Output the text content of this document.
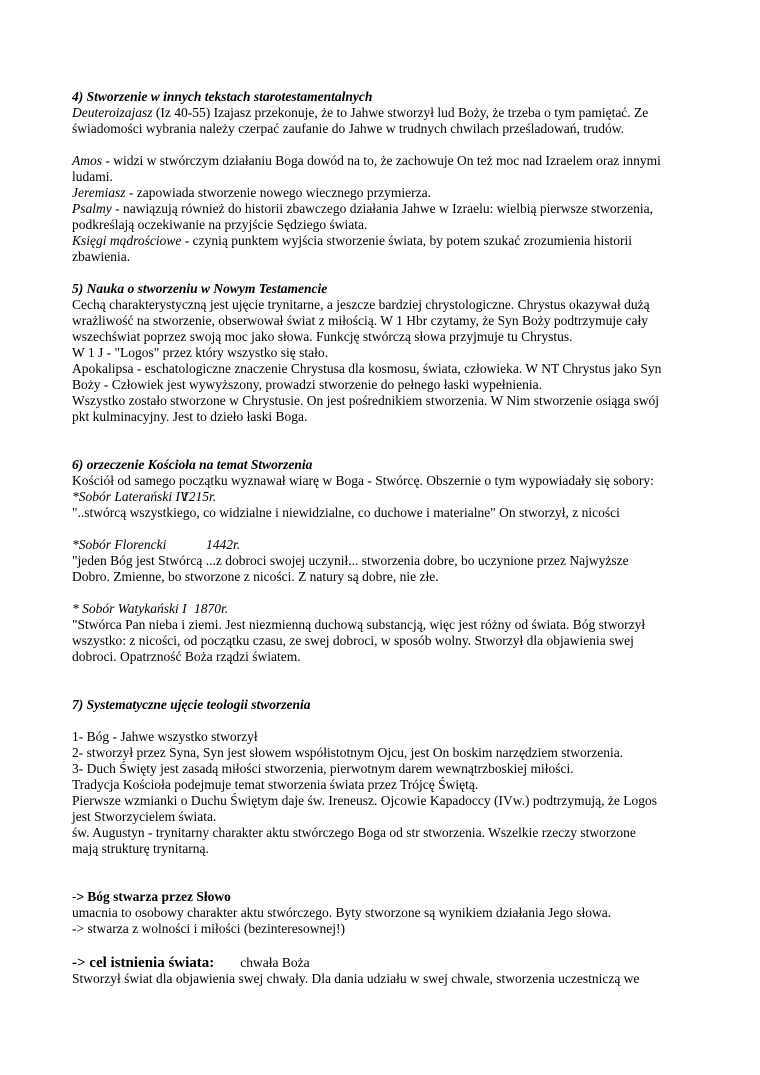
4) Stworzenie w innych tekstach starotestamentalnych
Deuteroizajasz (Iz 40-55) Izajasz przekonuje, że to Jahwe stworzył lud Boży, że trzeba o tym pamiętać. Ze
świadomości wybrania należy czerpać zaufanie do Jahwe w trudnych chwilach prześladowań, trudów.
Amos - widzi w stwórczym działaniu Boga dowód na to, że zachowuje On też moc nad Izraelem oraz innymi
ludami.
Jeremiasz - zapowiada stworzenie nowego wiecznego przymierza.
Psalmy - nawiązują również do historii zbawczego działania Jahwe w Izraelu: wielbią pierwsze stworzenia,
podkreślają oczekiwanie na przyjście Sędziego świata.
Księgi mądrościowe - czynią punktem wyjścia stworzenie świata, by potem szukać zrozumienia historii
zbawienia.
5) Nauka o stworzeniu w Nowym Testamencie
Cechą charakterystyczną jest ujęcie trynitarne, a jeszcze bardziej chrystologiczne. Chrystus okazywał dużą
wrażliwość na stworzenie, obserwował świat z miłością. W 1 Hbr czytamy, że Syn Boży podtrzymuje cały
wszechświat poprzez swoją moc jako słowa. Funkcję stwórczą słowa przyjmuje tu Chrystus.
W 1 J - "Logos" przez który wszystko się stało.
Apokalipsa - eschatologiczne znaczenie Chrystusa dla kosmosu, świata, człowieka. W NT Chrystus jako Syn
Boży - Człowiek jest wywyższony, prowadzi stworzenie do pełnego łaski wypełnienia.
Wszystko zostało stworzone w Chrystusie. On jest pośrednikiem stworzenia. W Nim stworzenie osiąga swój
pkt kulminacyjny. Jest to dzieło łaski Boga.
6) orzeczenie Kościoła na temat Stworzenia
Kościół od samego początku wyznawał wiarę w Boga - Stwórcę. Obszernie o tym wypowiadały się sobory:
*Sobór Laterański IV1215r.
"..stwórcą wszystkiego, co widzialne i niewidzialne, co duchowe i materialne" On stworzył, z nicości
*Sobór Florencki	1442r.
"jeden Bóg jest Stwórcą ...z dobroci swojej uczynił... stworzenia dobre, bo uczynione przez Najwyższe
Dobro. Zmienne, bo stworzone z nicości. Z natury są dobre, nie złe.
* Sobór Watykański I 1870r.
"Stwórca Pan nieba i ziemi. Jest niezmienną duchową substancją, więc jest różny od świata. Bóg stworzył
wszystko: z nicości, od początku czasu, ze swej dobroci, w sposób wolny. Stworzył dla objawienia swej
dobroci. Opatrzność Boża rządzi światem.
7) Systematyczne ujęcie teologii stworzenia
1- Bóg - Jahwe wszystko stworzył
2- stworzył przez Syna, Syn jest słowem współistotnym Ojcu, jest On boskim narzędziem stworzenia.
3- Duch Święty jest zasadą miłości stworzenia, pierwotnym darem wewnątrzboskiej miłości.
Tradycja Kościoła podejmuje temat stworzenia świata przez Trójcę Świętą.
Pierwsze wzmianki o Duchu Świętym daje św. Ireneusz. Ojcowie Kapadoccy (IVw.) podtrzymują, że Logos
jest Stworzycielem świata.
św. Augustyn - trynitarny charakter aktu stwórczego Boga od str stworzenia. Wszelkie rzeczy stworzone
mają strukturę trynitarną.
-> Bóg stwarza przez Słowo
umacnia to osobowy charakter aktu stwórczego. Byty stworzone są wynikiem działania Jego słowa.
-> stwarza z wolności i miłości (bezinteresownej!)
-> cel istnienia świata: chwała Boża
Stworzył świat dla objawienia swej chwały. Dla dania udziału w swej chwale, stworzenia uczestniczą we
